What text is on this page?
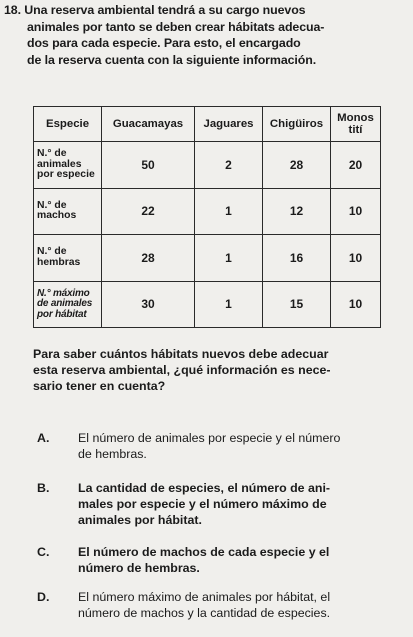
18. Una reserva ambiental tendrá a su cargo nuevos
animales por tanto se deben crear hábitats adecua-
dos para cada especie. Para esto, el encargado
de la reserva cuenta con la siguiente información.
Especie	Guacamayas	Jaguares	Chigüiros	Monos tití
N.° de animales por especie	50	2	28	20
N.° de machos	22	1	12	10
N.° de hembras	28	1	16	10
N.° máximo de animales por hábitat	30	1	15	10
Para saber cuántos hábitats nuevos debe adecuar
esta reserva ambiental, ¿qué información es nece-
sario tener en cuenta?
A. El número de animales por especie y el número
de hembras.
B. La cantidad de especies, el número de ani-
males por especie y el número máximo de
animales por hábitat.
C. El número de machos de cada especie y el
número de hembras.
D. El número máximo de animales por hábitat, el
número de machos y la cantidad de especies.
